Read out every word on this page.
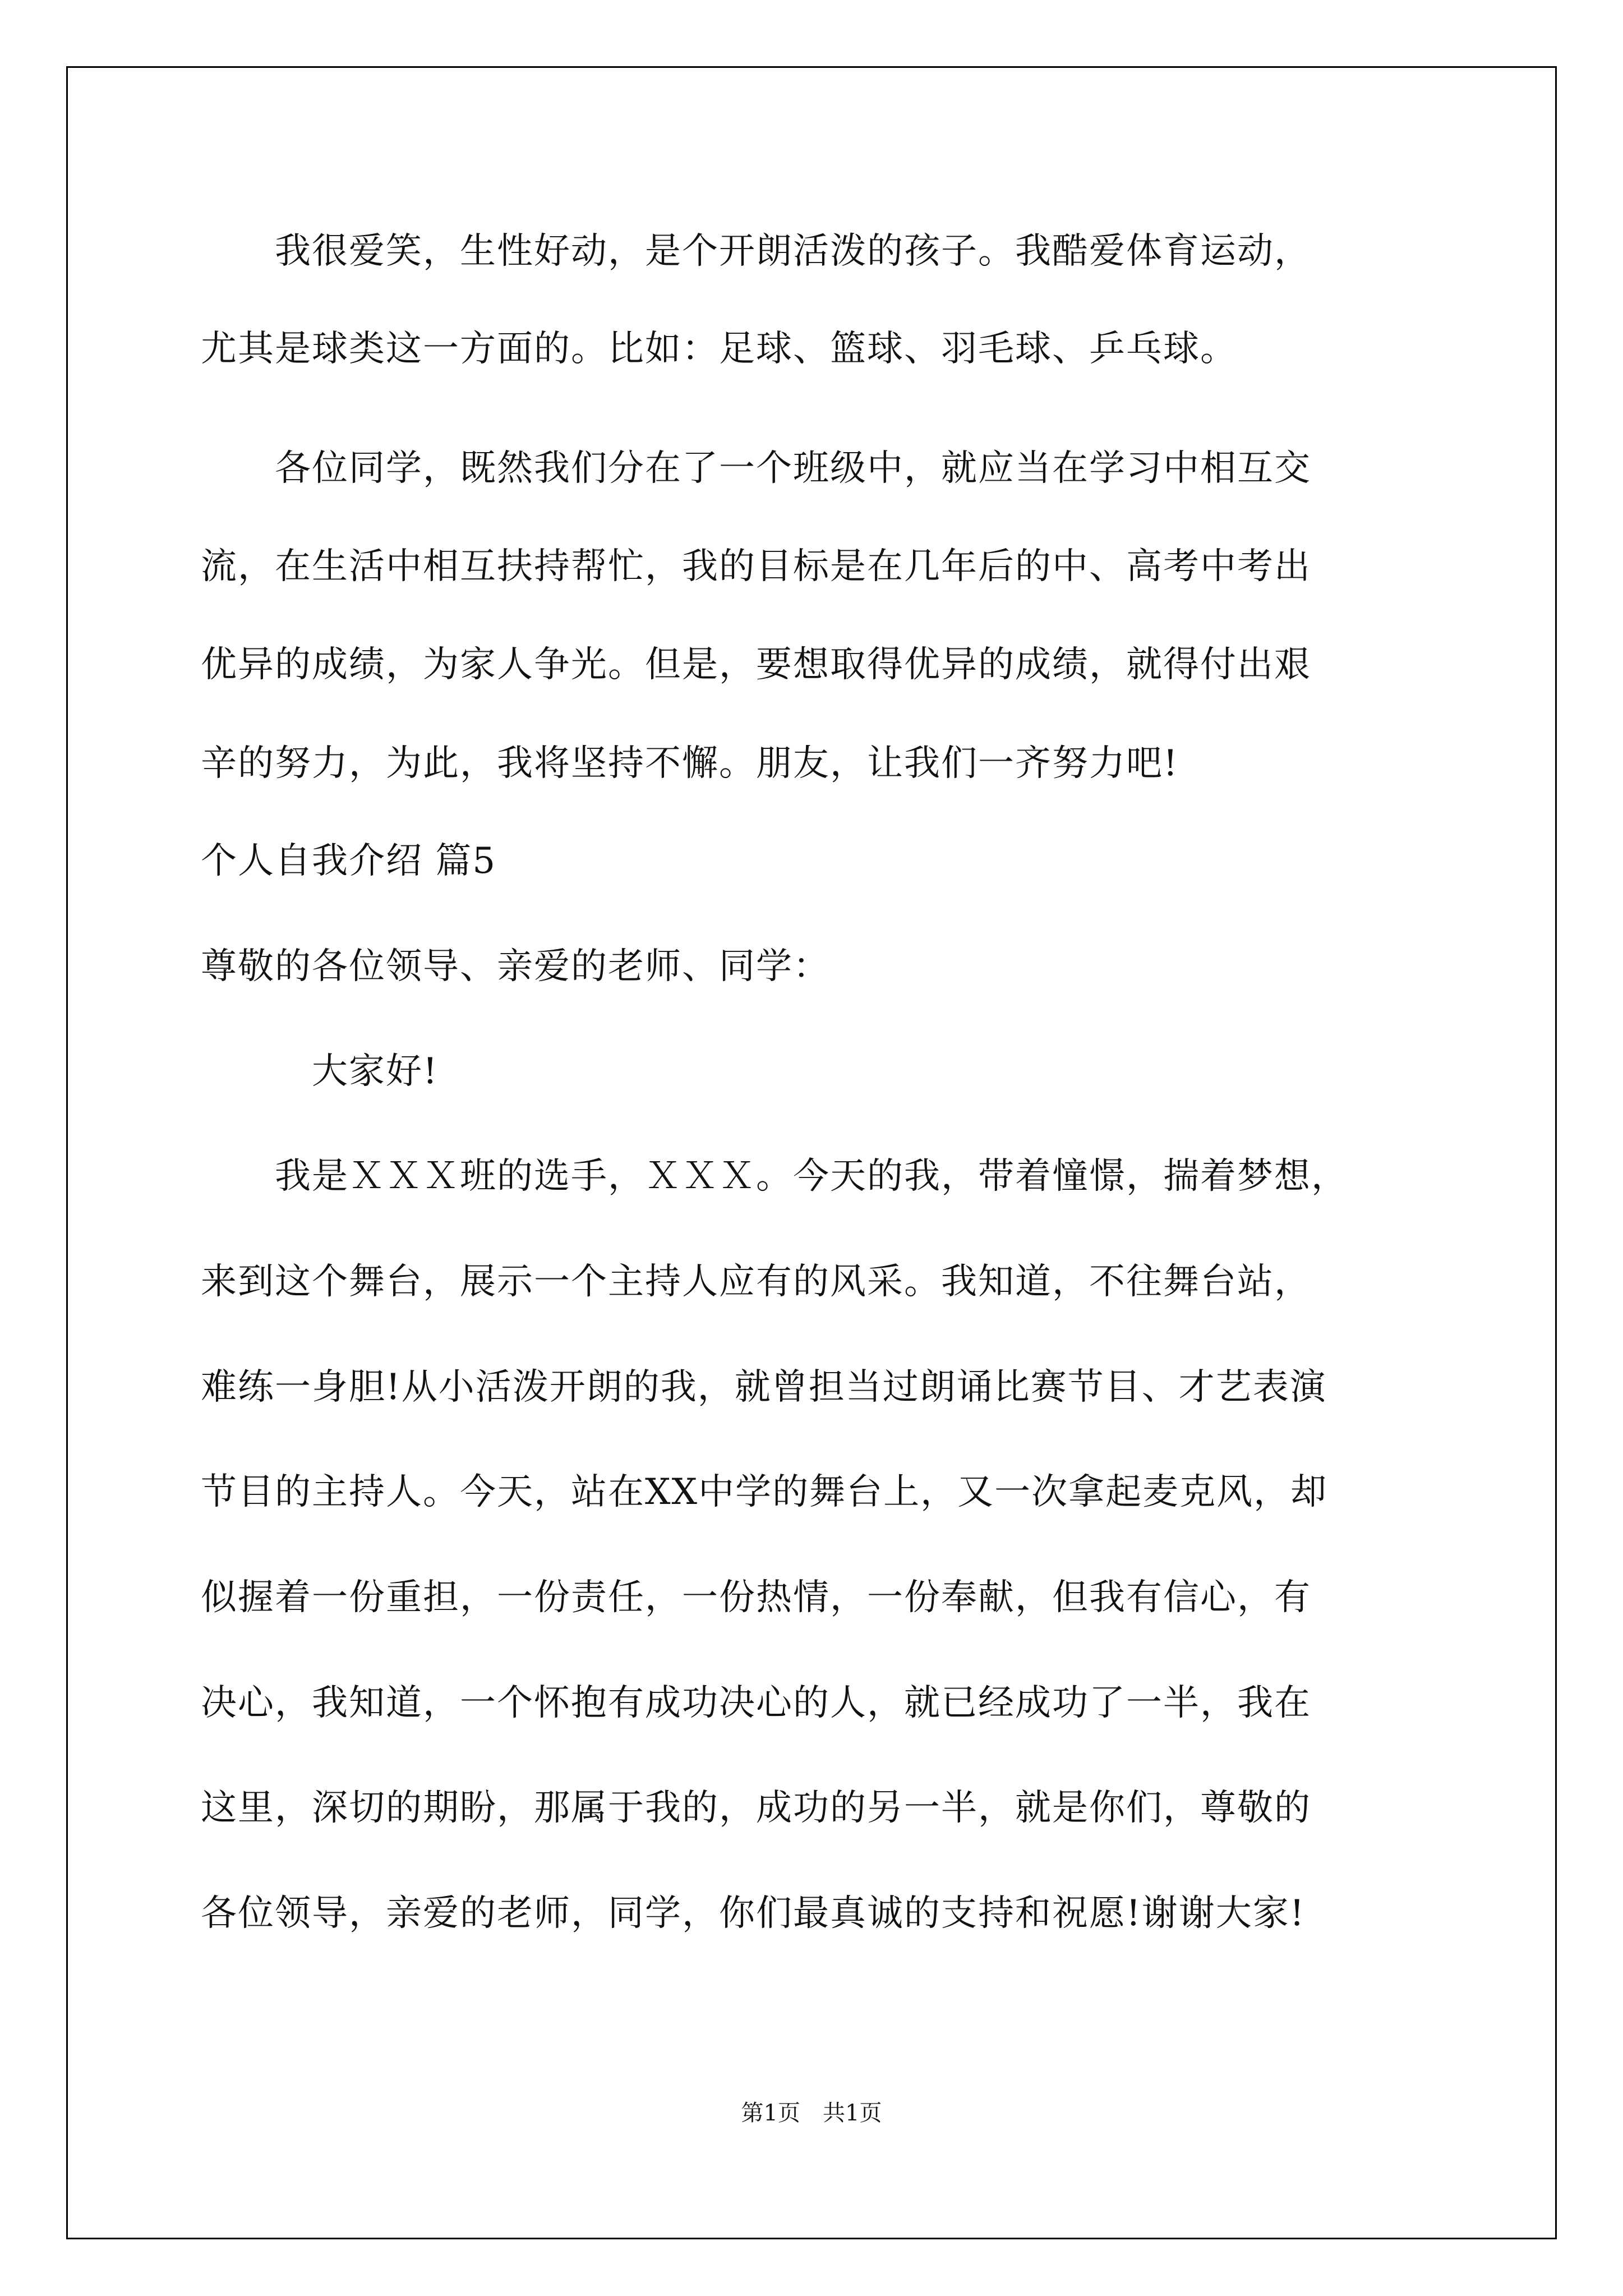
　　我很爱笑，生性好动，是个开朗活泼的孩子。我酷爱体育运动，

尤其是球类这一方面的。比如：足球、篮球、羽毛球、乒乓球。

　　各位同学，既然我们分在了一个班级中，就应当在学习中相互交

流，在生活中相互扶持帮忙，我的目标是在几年后的中、高考中考出

优异的成绩，为家人争光。但是，要想取得优异的成绩，就得付出艰

辛的努力，为此，我将坚持不懈。朋友，让我们一齐努力吧!

个人自我介绍 篇5

尊敬的各位领导、亲爱的老师、同学：

　　　大家好!

　　我是ＸＸＸ班的选手，ＸＸＸ。今天的我，带着憧憬，揣着梦想，

来到这个舞台，展示一个主持人应有的风采。我知道，不往舞台站，

难练一身胆!从小活泼开朗的我，就曾担当过朗诵比赛节目、才艺表演

节目的主持人。今天，站在XX中学的舞台上，又一次拿起麦克风，却

似握着一份重担，一份责任，一份热情，一份奉献，但我有信心，有

决心，我知道，一个怀抱有成功决心的人，就已经成功了一半，我在

这里，深切的期盼，那属于我的，成功的另一半，就是你们，尊敬的

各位领导，亲爱的老师，同学，你们最真诚的支持和祝愿!谢谢大家!

第1页　共1页
